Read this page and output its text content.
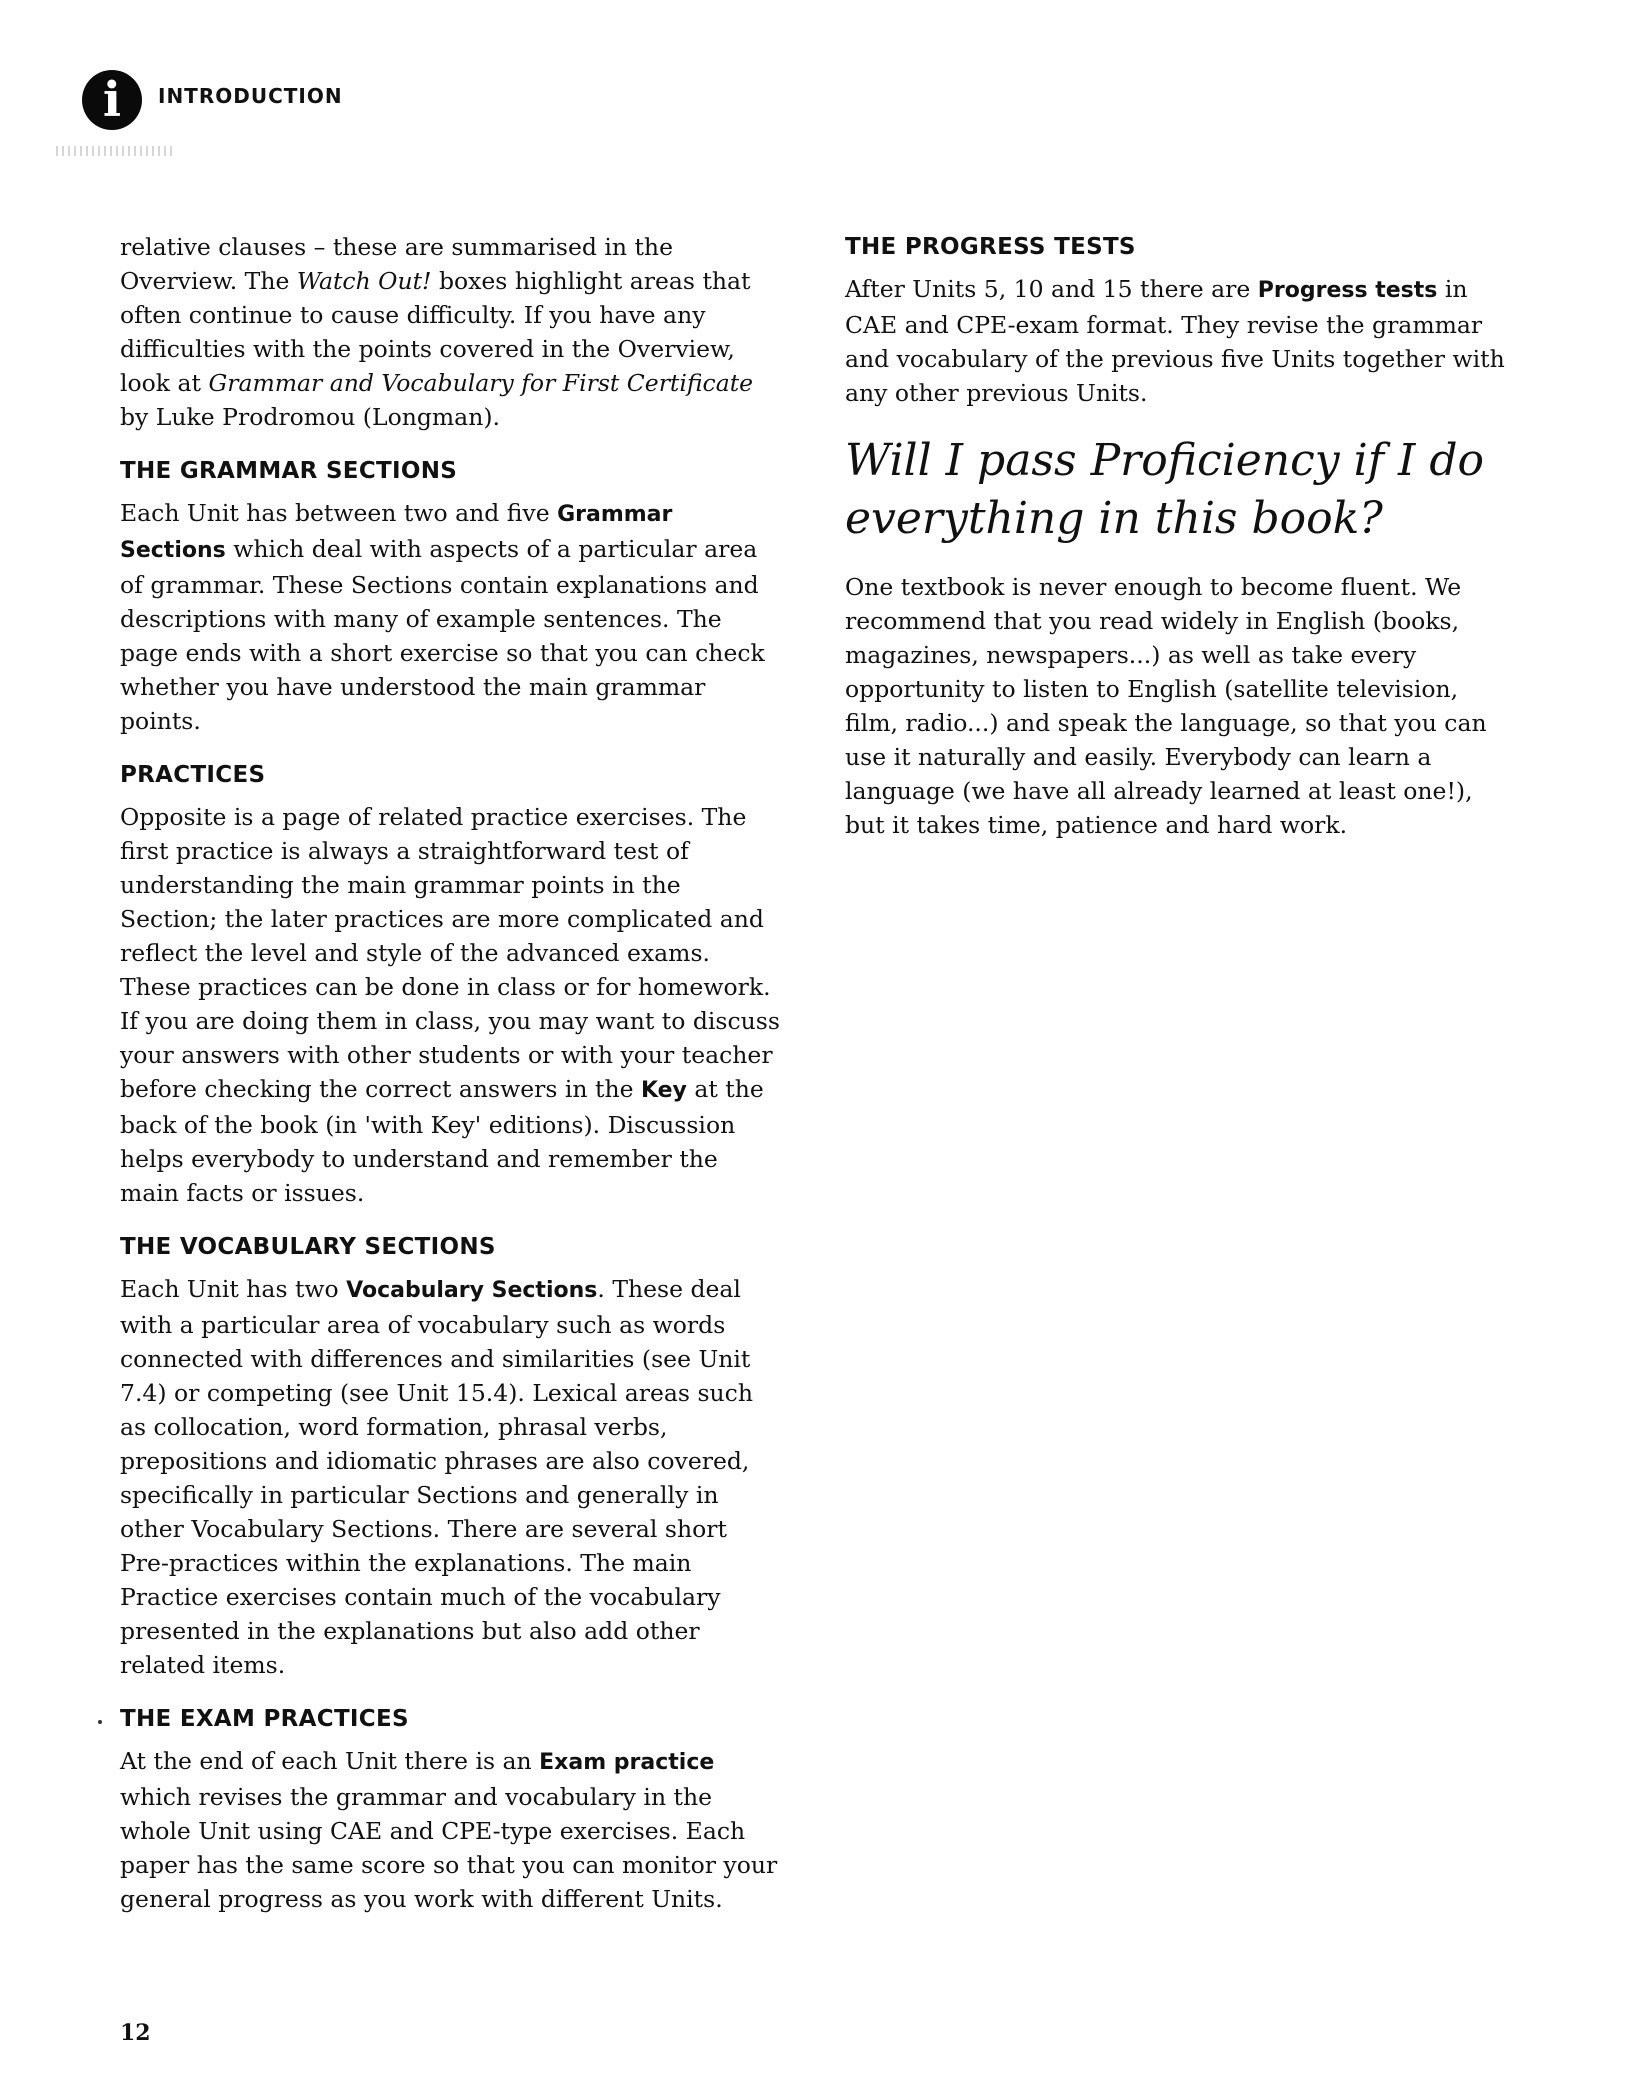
i	INTRODUCTION

relative clauses – these are summarised in the Overview. The Watch Out! boxes highlight areas that often continue to cause difficulty. If you have any difficulties with the points covered in the Overview, look at Grammar and Vocabulary for First Certificate by Luke Prodromou (Longman).

THE GRAMMAR SECTIONS

Each Unit has between two and five Grammar Sections which deal with aspects of a particular area of grammar. These Sections contain explanations and descriptions with many of example sentences. The page ends with a short exercise so that you can check whether you have understood the main grammar points.

PRACTICES

Opposite is a page of related practice exercises. The first practice is always a straightforward test of understanding the main grammar points in the Section; the later practices are more complicated and reflect the level and style of the advanced exams. These practices can be done in class or for homework. If you are doing them in class, you may want to discuss your answers with other students or with your teacher before checking the correct answers in the Key at the back of the book (in 'with Key' editions). Discussion helps everybody to understand and remember the main facts or issues.

THE VOCABULARY SECTIONS

Each Unit has two Vocabulary Sections. These deal with a particular area of vocabulary such as words connected with differences and similarities (see Unit 7.4) or competing (see Unit 15.4). Lexical areas such as collocation, word formation, phrasal verbs, prepositions and idiomatic phrases are also covered, specifically in particular Sections and generally in other Vocabulary Sections. There are several short Pre-practices within the explanations. The main Practice exercises contain much of the vocabulary presented in the explanations but also add other related items.

THE EXAM PRACTICES

At the end of each Unit there is an Exam practice which revises the grammar and vocabulary in the whole Unit using CAE and CPE-type exercises. Each paper has the same score so that you can monitor your general progress as you work with different Units.

THE PROGRESS TESTS

After Units 5, 10 and 15 there are Progress tests in CAE and CPE-exam format. They revise the grammar and vocabulary of the previous five Units together with any other previous Units.

Will I pass Proficiency if I do everything in this book?

One textbook is never enough to become fluent. We recommend that you read widely in English (books, magazines, newspapers...) as well as take every opportunity to listen to English (satellite television, film, radio...) and speak the language, so that you can use it naturally and easily. Everybody can learn a language (we have all already learned at least one!), but it takes time, patience and hard work.

12
